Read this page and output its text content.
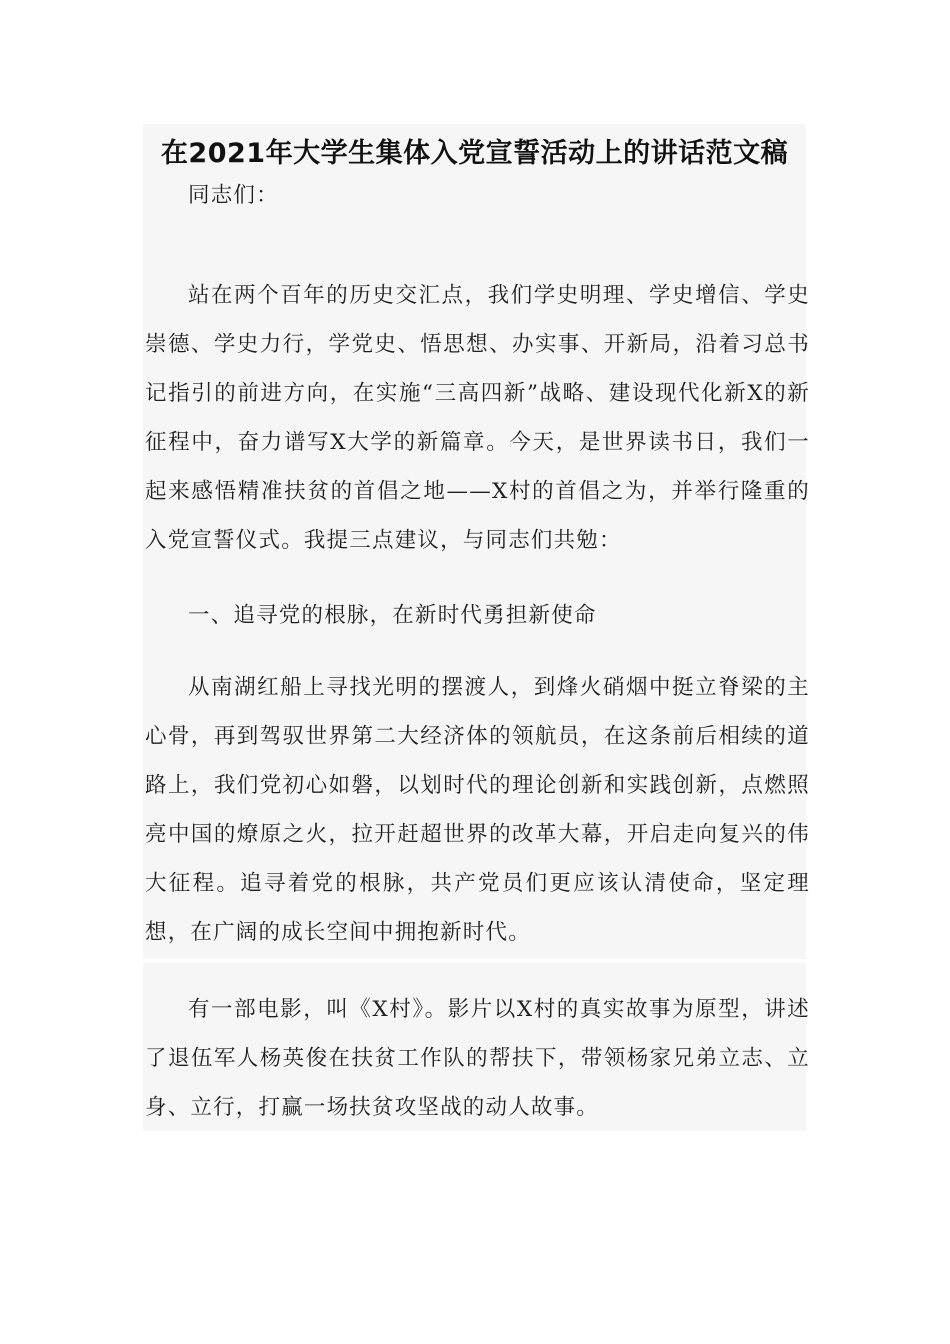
在2021年大学生集体入党宣誓活动上的讲话范文稿

同志们：

站在两个百年的历史交汇点，我们学史明理、学史增信、学史崇德、学史力行，学党史、悟思想、办实事、开新局，沿着习总书记指引的前进方向，在实施“三高四新”战略、建设现代化新X的新征程中，奋力谱写X大学的新篇章。今天，是世界读书日，我们一起来感悟精准扶贫的首倡之地——X村的首倡之为，并举行隆重的入党宣誓仪式。我提三点建议，与同志们共勉：

一、追寻党的根脉，在新时代勇担新使命

从南湖红船上寻找光明的摆渡人，到烽火硝烟中挺立脊梁的主心骨，再到驾驭世界第二大经济体的领航员，在这条前后相续的道路上，我们党初心如磐，以划时代的理论创新和实践创新，点燃照亮中国的燎原之火，拉开赶超世界的改革大幕，开启走向复兴的伟大征程。追寻着党的根脉，共产党员们更应该认清使命，坚定理想，在广阔的成长空间中拥抱新时代。

有一部电影，叫《X村》。影片以X村的真实故事为原型，讲述了退伍军人杨英俊在扶贫工作队的帮扶下，带领杨家兄弟立志、立身、立行，打赢一场扶贫攻坚战的动人故事。
